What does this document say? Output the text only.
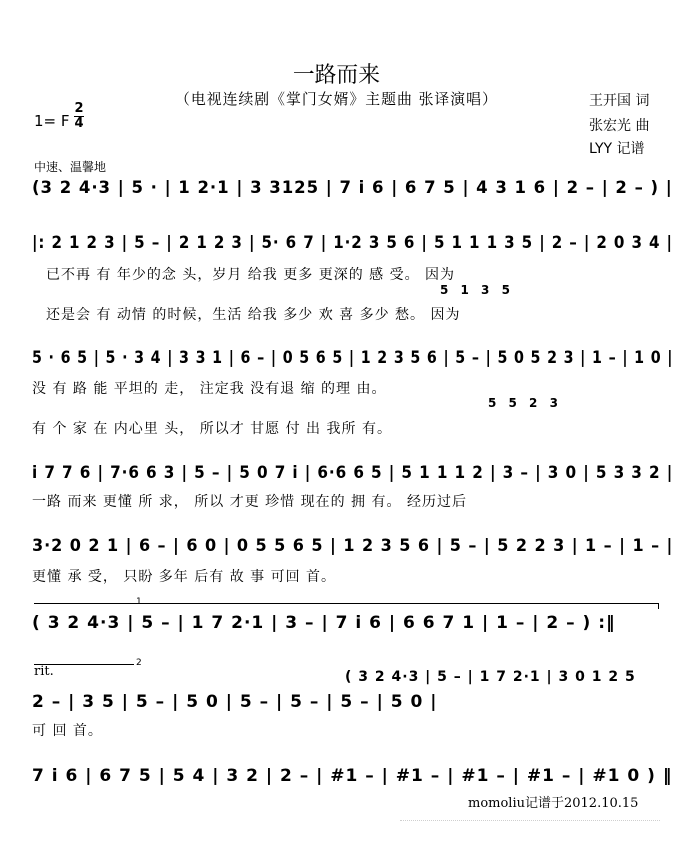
一路而来
（电视连续剧《掌门女婿》主题曲 张译演唱）	王开国 词
张宏光 曲
LYY 记谱
1= F
2
4
中速、温馨地
(3 2 4·3 | 5 · | 1 2·1 | 3 3125 | 7 i 6 | 6 7 5 | 4 3 1 6 | 2 – | 2 – ) |
|: 2 1 2 3 | 5 – | 2 1 2 3 | 5· 6 7 | 1·2 3 5 6 | 5 1 1 1 3 5 | 2 – | 2 0 3 4 |
已不再 有 年少的念 头，岁月 给我 更多 更深的 感 受。 因为
5 1 3 5
还是会 有 动情 的时候，生活 给我 多少 欢 喜 多少 愁。 因为
5 · 6 5 | 5 · 3 4 | 3 3 1 | 6 – | 0 5 6 5 | 1 2 3 5 6 | 5 – | 5 0 5 2 3 | 1 – | 1 0 |
没 有 路 能 平坦的 走， 注定我 没有退 缩 的理 由。
5 5 2 3
有 个 家 在 内心里 头， 所以才 甘愿 付 出 我所 有。
i 7 7 6 | 7·6 6 3 | 5 – | 5 0 7 i | 6·6 6 5 | 5 1 1 1 2 | 3 – | 3 0 | 5 3 3 2 |
一路 而来 更懂 所 求， 所以 才更 珍惜 现在的 拥 有。 经历过后
3·2 0 2 1 | 6 – | 6 0 | 0 5 5 6 5 | 1 2 3 5 6 | 5 – | 5 2 2 3 | 1 – | 1 – |
更懂 承 受， 只盼 多年 后有 故 事 可回 首。
1
( 3 2 4·3 | 5 – | 1 7 2·1 | 3 – | 7 i 6 | 6 6 7 1 | 1 – | 2 – ) :‖
rit.
2
( 3 2 4·3 | 5 – | 1 7 2·1 | 3 0 1 2 5
2 – | 3 5 | 5 – | 5 0 | 5 – | 5 – | 5 – | 5 0 |
可 回 首。
7 i 6 | 6 7 5 | 5 4 | 3 2 | 2 – | #1 – | #1 – | #1 – | #1 – | #1 0 ) ‖
momoliu记谱于2012.10.15
